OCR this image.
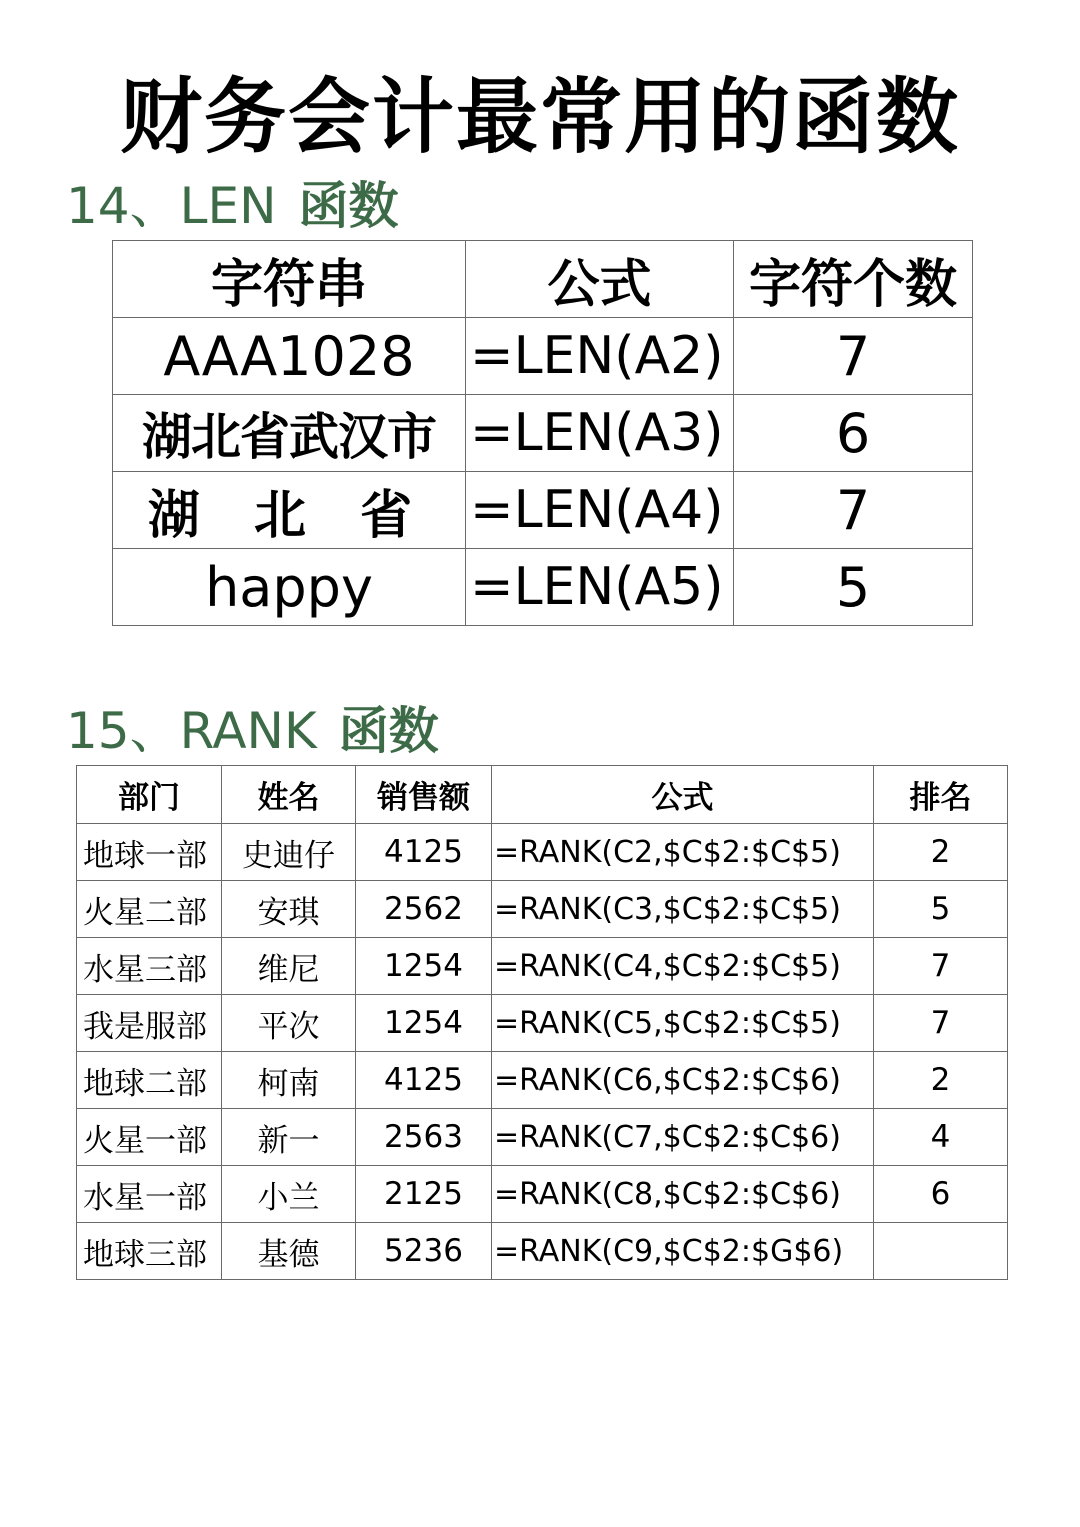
财务会计最常用的函数
14、LEN 函数
字符串	公式	字符个数
AAA1028	=LEN(A2)	7
湖北省武汉市	=LEN(A3)	6
湖 北 省	=LEN(A4)	7
happy	=LEN(A5)	5
15、RANK 函数
部门	姓名	销售额	公式	排名
地球一部	史迪仔	4125	=RANK(C2,$C$2:$C$5)	2
火星二部	安琪	2562	=RANK(C3,$C$2:$C$5)	5
水星三部	维尼	1254	=RANK(C4,$C$2:$C$5)	7
我是服部	平次	1254	=RANK(C5,$C$2:$C$5)	7
地球二部	柯南	4125	=RANK(C6,$C$2:$C$6)	2
火星一部	新一	2563	=RANK(C7,$C$2:$C$6)	4
水星一部	小兰	2125	=RANK(C8,$C$2:$C$6)	6
地球三部	基德	5236	=RANK(C9,$C$2:$G$6)	
